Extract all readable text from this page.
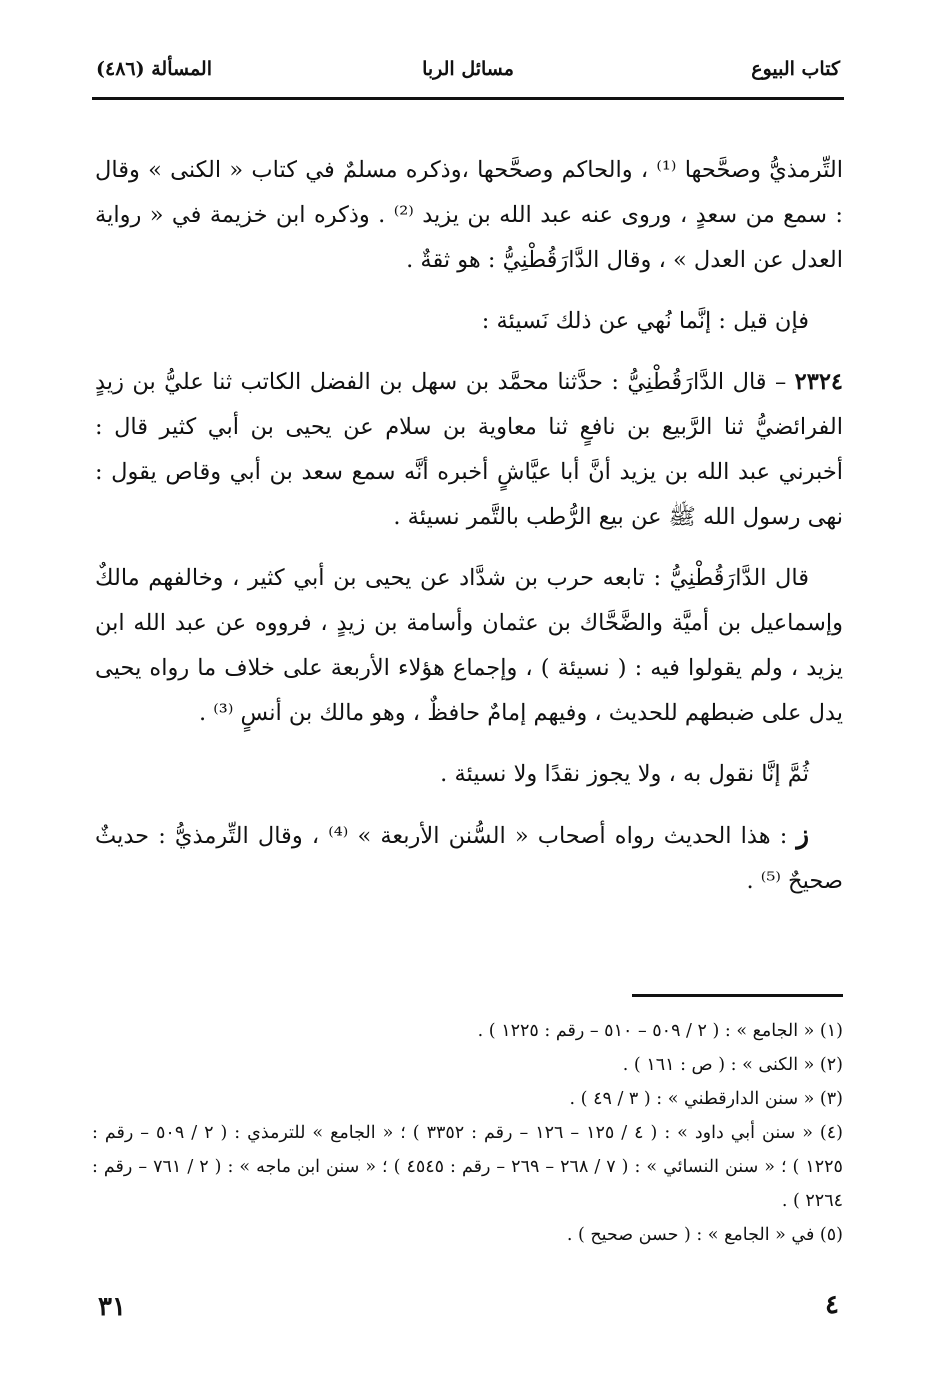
كتاب البيوع
مسائل الربا
المسألة (٤٨٦)

التِّرمذيُّ وصحَّحها ⁽¹⁾ ، والحاكم وصحَّحها ،وذكره مسلمٌ في كتاب « الكنى » وقال : سمع من سعدٍ ، وروى عنه عبد الله بن يزيد ⁽²⁾ . وذكره ابن خزيمة في « رواية العدل عن العدل » ، وقال الدَّارَقُطْنِيُّ : هو ثقةٌ .

فإن قيل : إنَّما نُهي عن ذلك نَسيئة :

٢٣٢٤ – قال الدَّارَقُطْنِيُّ : حدَّثنا محمَّد بن سهل بن الفضل الكاتب ثنا عليُّ بن زيدٍ الفرائضيُّ ثنا الرَّبيع بن نافعٍ ثنا معاوية بن سلام عن يحيى بن أبي كثير قال : أخبرني عبد الله بن يزيد أنَّ أبا عيَّاشٍ أخبره أنَّه سمع سعد بن أبي وقاص يقول : نهى رسول الله ﷺ عن بيع الرُّطب بالتَّمر نسيئة .

قال الدَّارَقُطْنِيُّ : تابعه حرب بن شدَّاد عن يحيى بن أبي كثير ، وخالفهم مالكٌ وإسماعيل بن أميَّة والضَّحَّاك بن عثمان وأسامة بن زيدٍ ، فرووه عن عبد الله ابن يزيد ، ولم يقولوا فيه : ( نسيئة ) ، وإجماع هؤلاء الأربعة على خلاف ما رواه يحيى يدل على ضبطهم للحديث ، وفيهم إمامٌ حافظٌ ، وهو مالك بن أنسٍ ⁽³⁾ .

ثُمَّ إنَّا نقول به ، ولا يجوز نقدًا ولا نسيئة .

ز : هذا الحديث رواه أصحاب « السُّنن الأربعة » ⁽⁴⁾ ، وقال التِّرمذيُّ : حديثٌ صحيحٌ ⁽⁵⁾ .

(١) « الجامع » : ( ٢ / ٥٠٩ – ٥١٠ – رقم : ١٢٢٥ ) .

(٢) « الكنى » : ( ص : ١٦١ ) .

(٣) « سنن الدارقطني » : ( ٣ / ٤٩ ) .

(٤) « سنن أبي داود » : ( ٤ / ١٢٥ – ١٢٦ – رقم : ٣٣٥٢ ) ؛ « الجامع » للترمذي : ( ٢ / ٥٠٩ – رقم : ١٢٢٥ ) ؛ « سنن النسائي » : ( ٧ / ٢٦٨ – ٢٦٩ – رقم : ٤٥٤٥ ) ؛ « سنن ابن ماجه » : ( ٢ / ٧٦١ – رقم : ٢٢٦٤ ) .

(٥) في « الجامع » : ( حسن صحيح ) .

٤
٣١
